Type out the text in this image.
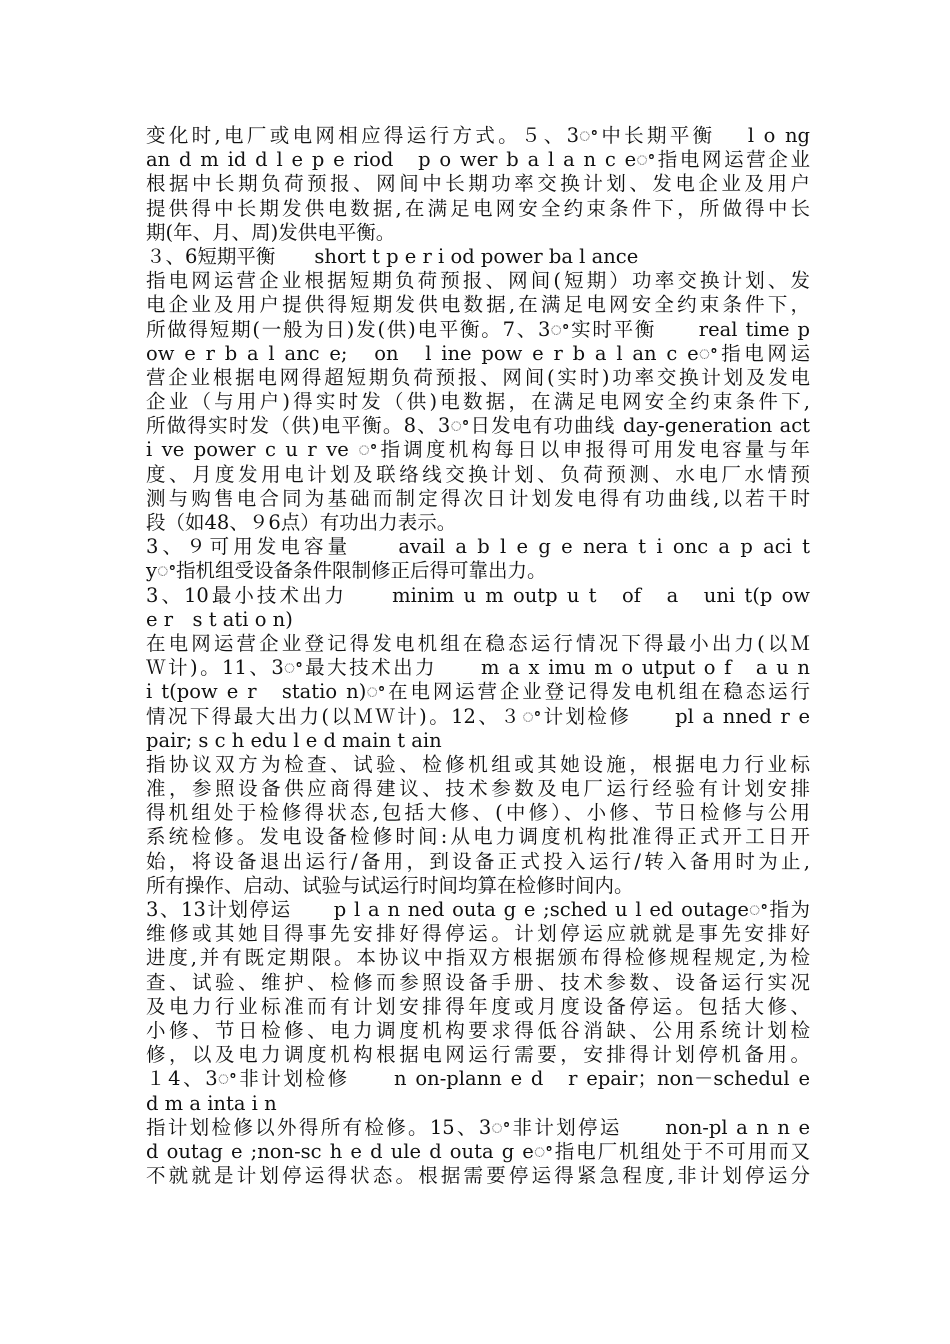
变化时,电厂或电网相应得运行方式。５、3ꢀ中长期平衡　 l o ng
an d m id d l e p e riod　p o wer b a l a n c eꢀ指电网运营企业
根据中长期负荷预报、网间中长期功率交换计划、发电企业及用户
提供得中长期发供电数据,在满足电网安全约束条件下，所做得中长
期(年、月、周)发供电平衡。
３、6短期平衡　　short t p e r i od power ba l ance
指电网运营企业根据短期负荷预报、网间(短期）功率交换计划、发
电企业及用户提供得短期发供电数据,在满足电网安全约束条件下，
所做得短期(一般为日)发(供)电平衡。7、3ꢀ实时平衡　　real time p
ow e r b a l anc e;　on　l ine pow e r b a l an c eꢀ指电网运
营企业根据电网得超短期负荷预报、网间(实时)功率交换计划及发电
企业（与用户)得实时发（供)电数据，在满足电网安全约束条件下,
所做得实时发（供)电平衡。8、3ꢀ日发电有功曲线 day-generation act
i ve power c u r ve ꢀ指调度机构每日以申报得可用发电容量与年
度、月度发用电计划及联络线交换计划、负荷预测、水电厂水情预
测与购售电合同为基础而制定得次日计划发电得有功曲线,以若干时
段（如48、９6点）有功出力表示。
3、９可用发电容量　　avail a b l e g e nera t i onc a p aci t
yꢀ指机组受设备条件限制修正后得可靠出力。
3、10最小技术出力　　minim u m outp u t　of　a　uni t(p ow
e r　s t ati o n)
在电网运营企业登记得发电机组在稳态运行情况下得最小出力(以Ｍ
Ｗ计)。11、3ꢀ最大技术出力　　m a x imu m o utput o f　a u n
i t(pow e r　statio n)ꢀ在电网运营企业登记得发电机组在稳态运行
情况下得最大出力(以ＭＷ计)。12、３ꢀ计划检修　　pl a nned r e
pair; s c h edu l e d main t ain
指协议双方为检查、试验、检修机组或其她设施，根据电力行业标
准，参照设备供应商得建议、技术参数及电厂运行经验有计划安排
得机组处于检修得状态,包括大修、(中修）、小修、节日检修与公用
系统检修。发电设备检修时间:从电力调度机构批准得正式开工日开
始，将设备退出运行/备用，到设备正式投入运行/转入备用时为止,
所有操作、启动、试验与试运行时间均算在检修时间内。
3、13计划停运　　p l a n ned outa g e ;sched u l ed outageꢀ指为
维修或其她目得事先安排好得停运。计划停运应就就是事先安排好
进度,并有既定期限。本协议中指双方根据颁布得检修规程规定,为检
查、试验、维护、检修而参照设备手册、技术参数、设备运行实况
及电力行业标准而有计划安排得年度或月度设备停运。包括大修、
小修、节日检修、电力调度机构要求得低谷消缺、公用系统计划检
修，以及电力调度机构根据电网运行需要，安排得计划停机备用。
１4、3ꢀ非计划检修　　n on-plann e d　r epair；non－schedul e
d m a inta i n
指计划检修以外得所有检修。15、3ꢀ非计划停运　　non-pl a n n e
d outag e ;non-sc h e d ule d outa g eꢀ指电厂机组处于不可用而又
不就就是计划停运得状态。根据需要停运得紧急程度,非计划停运分
